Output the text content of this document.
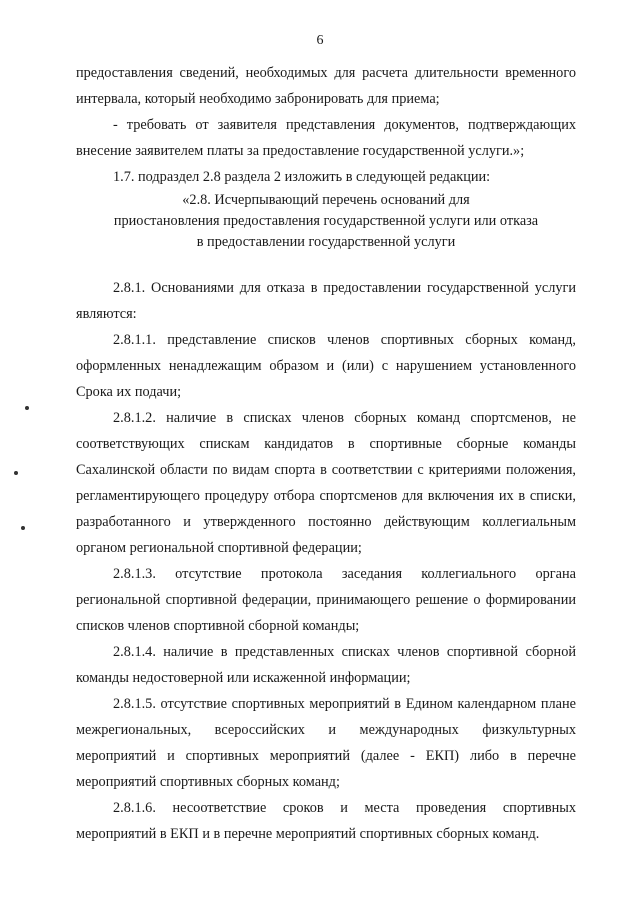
6

предоставления сведений, необходимых для расчета длительности временного интервала, который необходимо забронировать для приема;

- требовать от заявителя представления документов, подтверждающих внесение заявителем платы за предоставление государственной услуги.»;

1.7. подраздел 2.8 раздела 2 изложить в следующей редакции:

«2.8. Исчерпывающий перечень оснований для
приостановления предоставления государственной услуги или отказа
в предоставлении государственной услуги

2.8.1. Основаниями для отказа в предоставлении государственной услуги являются:

2.8.1.1. представление списков членов спортивных сборных команд, оформленных ненадлежащим образом и (или) с нарушением установленного Срока их подачи;

2.8.1.2. наличие в списках членов сборных команд спортсменов, не соответствующих спискам кандидатов в спортивные сборные команды Сахалинской области по видам спорта в соответствии с критериями положения, регламентирующего процедуру отбора спортсменов для включения их в списки, разработанного и утвержденного постоянно действующим коллегиальным органом региональной спортивной федерации;

2.8.1.3. отсутствие протокола заседания коллегиального органа региональной спортивной федерации, принимающего решение о формировании списков членов спортивной сборной команды;

2.8.1.4. наличие в представленных списках членов спортивной сборной команды недостоверной или искаженной информации;

2.8.1.5. отсутствие спортивных мероприятий в Едином календарном плане межрегиональных, всероссийских и международных физкультурных мероприятий и спортивных мероприятий (далее - ЕКП) либо в перечне мероприятий спортивных сборных команд;

2.8.1.6. несоответствие сроков и места проведения спортивных мероприятий в ЕКП и в перечне мероприятий спортивных сборных команд.
